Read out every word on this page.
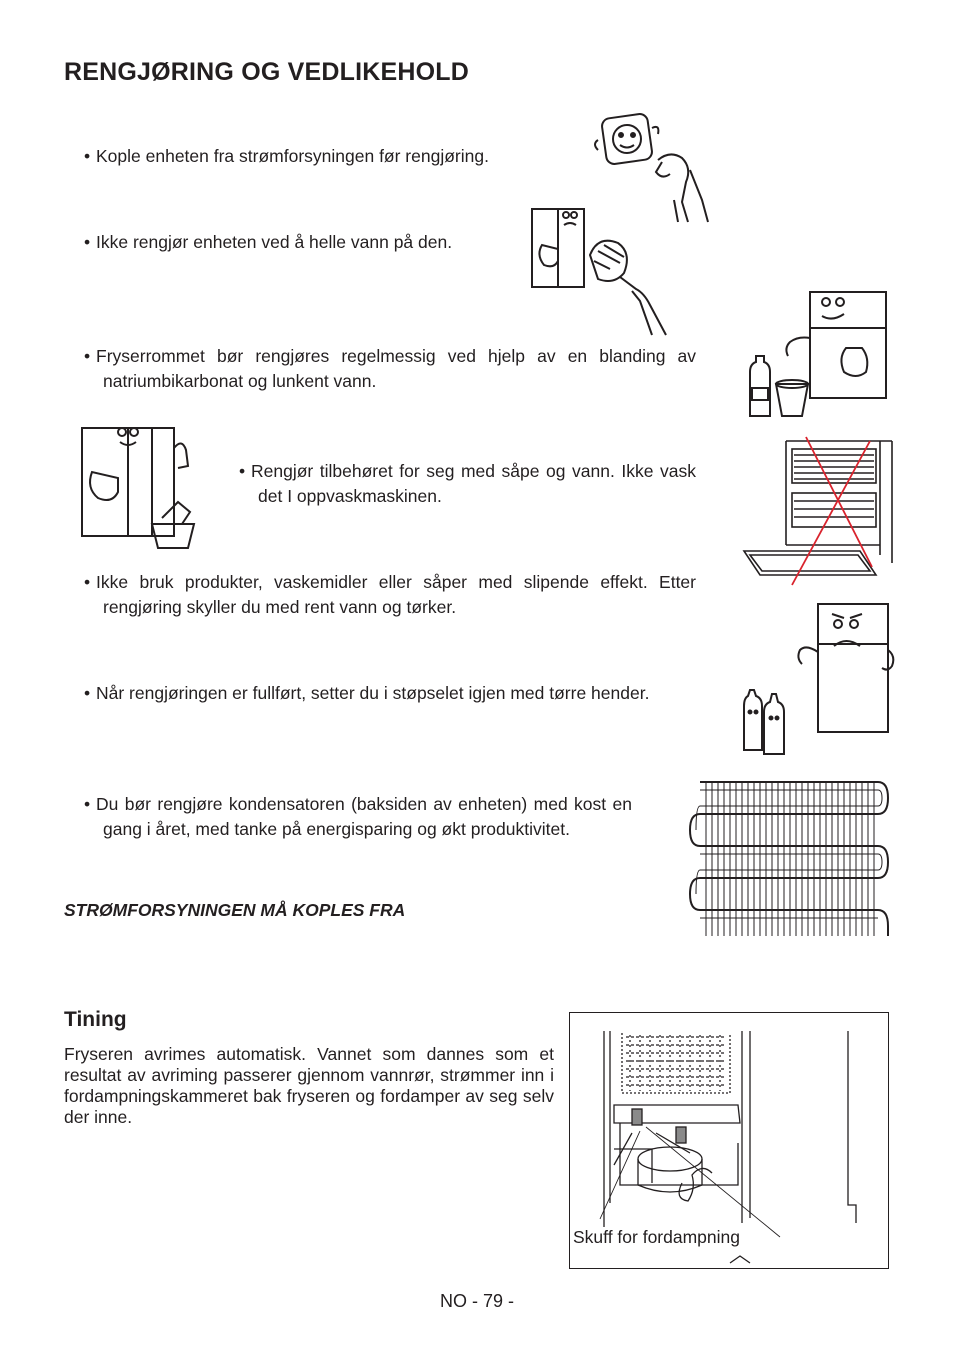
RENGJØRING OG VEDLIKEHOLD
• Kople enheten fra strømforsyningen før rengjøring.
• Ikke rengjør enheten ved å helle vann på den.
• Fryserrommet bør rengjøres regelmessig ved hjelp av en blanding av natriumbikarbonat og lunkent vann.
• Rengjør tilbehøret for seg med såpe og vann. Ikke vask det I oppvaskmaskinen.
• Ikke bruk produkter, vaskemidler eller såper med slipende effekt. Etter rengjøring skyller du med rent vann og tørker.
• Når rengjøringen er fullført, setter du i støpselet igjen med tørre hender.
• Du bør rengjøre kondensatoren (baksiden av enheten) med kost en gang i året, med tanke på energisparing og økt produktivitet.
STRØMFORSYNINGEN MÅ KOPLES FRA
Tining
Fryseren avrimes automatisk. Vannet som dannes som et resultat av avriming passerer gjennom vannrør, strømmer inn i fordampningskammeret bak fryseren og fordamper av seg selv der inne.
Skuff for fordampning
NO - 79 -
